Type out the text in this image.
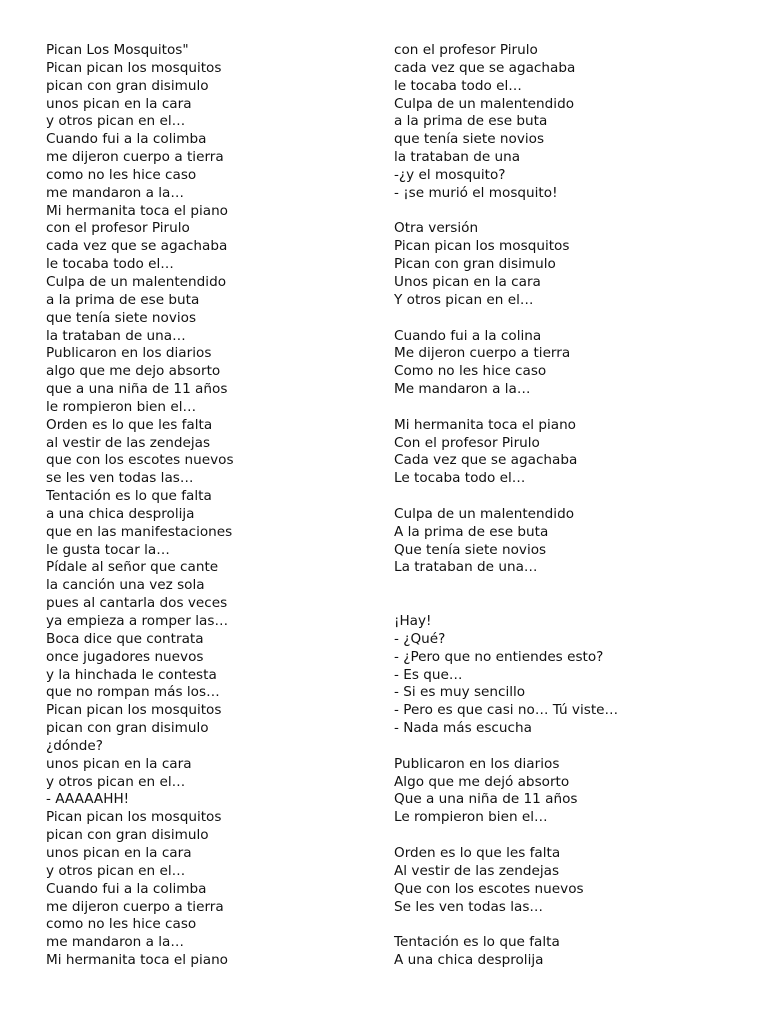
Pican Los Mosquitos"
Pican pican los mosquitos
pican con gran disimulo
unos pican en la cara
y otros pican en el…
Cuando fui a la colimba
me dijeron cuerpo a tierra
como no les hice caso
me mandaron a la…
Mi hermanita toca el piano
con el profesor Pirulo
cada vez que se agachaba
le tocaba todo el…
Culpa de un malentendido
a la prima de ese buta
que tenía siete novios
la trataban de una…
Publicaron en los diarios
algo que me dejo absorto
que a una niña de 11 años
le rompieron bien el…
Orden es lo que les falta
al vestir de las zendejas
que con los escotes nuevos
se les ven todas las…
Tentación es lo que falta
a una chica desprolija
que en las manifestaciones
le gusta tocar la…
Pídale al señor que cante
la canción una vez sola
pues al cantarla dos veces
ya empieza a romper las…
Boca dice que contrata
once jugadores nuevos
y la hinchada le contesta
que no rompan más los…
Pican pican los mosquitos
pican con gran disimulo
¿dónde?
unos pican en la cara
y otros pican en el…
- AAAAAHH!
Pican pican los mosquitos
pican con gran disimulo
unos pican en la cara
y otros pican en el…
Cuando fui a la colimba
me dijeron cuerpo a tierra
como no les hice caso
me mandaron a la…
Mi hermanita toca el piano
con el profesor Pirulo
cada vez que se agachaba
le tocaba todo el…
Culpa de un malentendido
a la prima de ese buta
que tenía siete novios
la trataban de una
-¿y el mosquito?
- ¡se murió el mosquito!
Otra versión
Pican pican los mosquitos
Pican con gran disimulo
Unos pican en la cara
Y otros pican en el…
Cuando fui a la colina
Me dijeron cuerpo a tierra
Como no les hice caso
Me mandaron a la…
Mi hermanita toca el piano
Con el profesor Pirulo
Cada vez que se agachaba
Le tocaba todo el…
Culpa de un malentendido
A la prima de ese buta
Que tenía siete novios
La trataban de una…
¡Hay!
- ¿Qué?
- ¿Pero que no entiendes esto?
- Es que…
- Si es muy sencillo
- Pero es que casi no… Tú viste…
- Nada más escucha
Publicaron en los diarios
Algo que me dejó absorto
Que a una niña de 11 años
Le rompieron bien el…
Orden es lo que les falta
Al vestir de las zendejas
Que con los escotes nuevos
Se les ven todas las…
Tentación es lo que falta
A una chica desprolija
